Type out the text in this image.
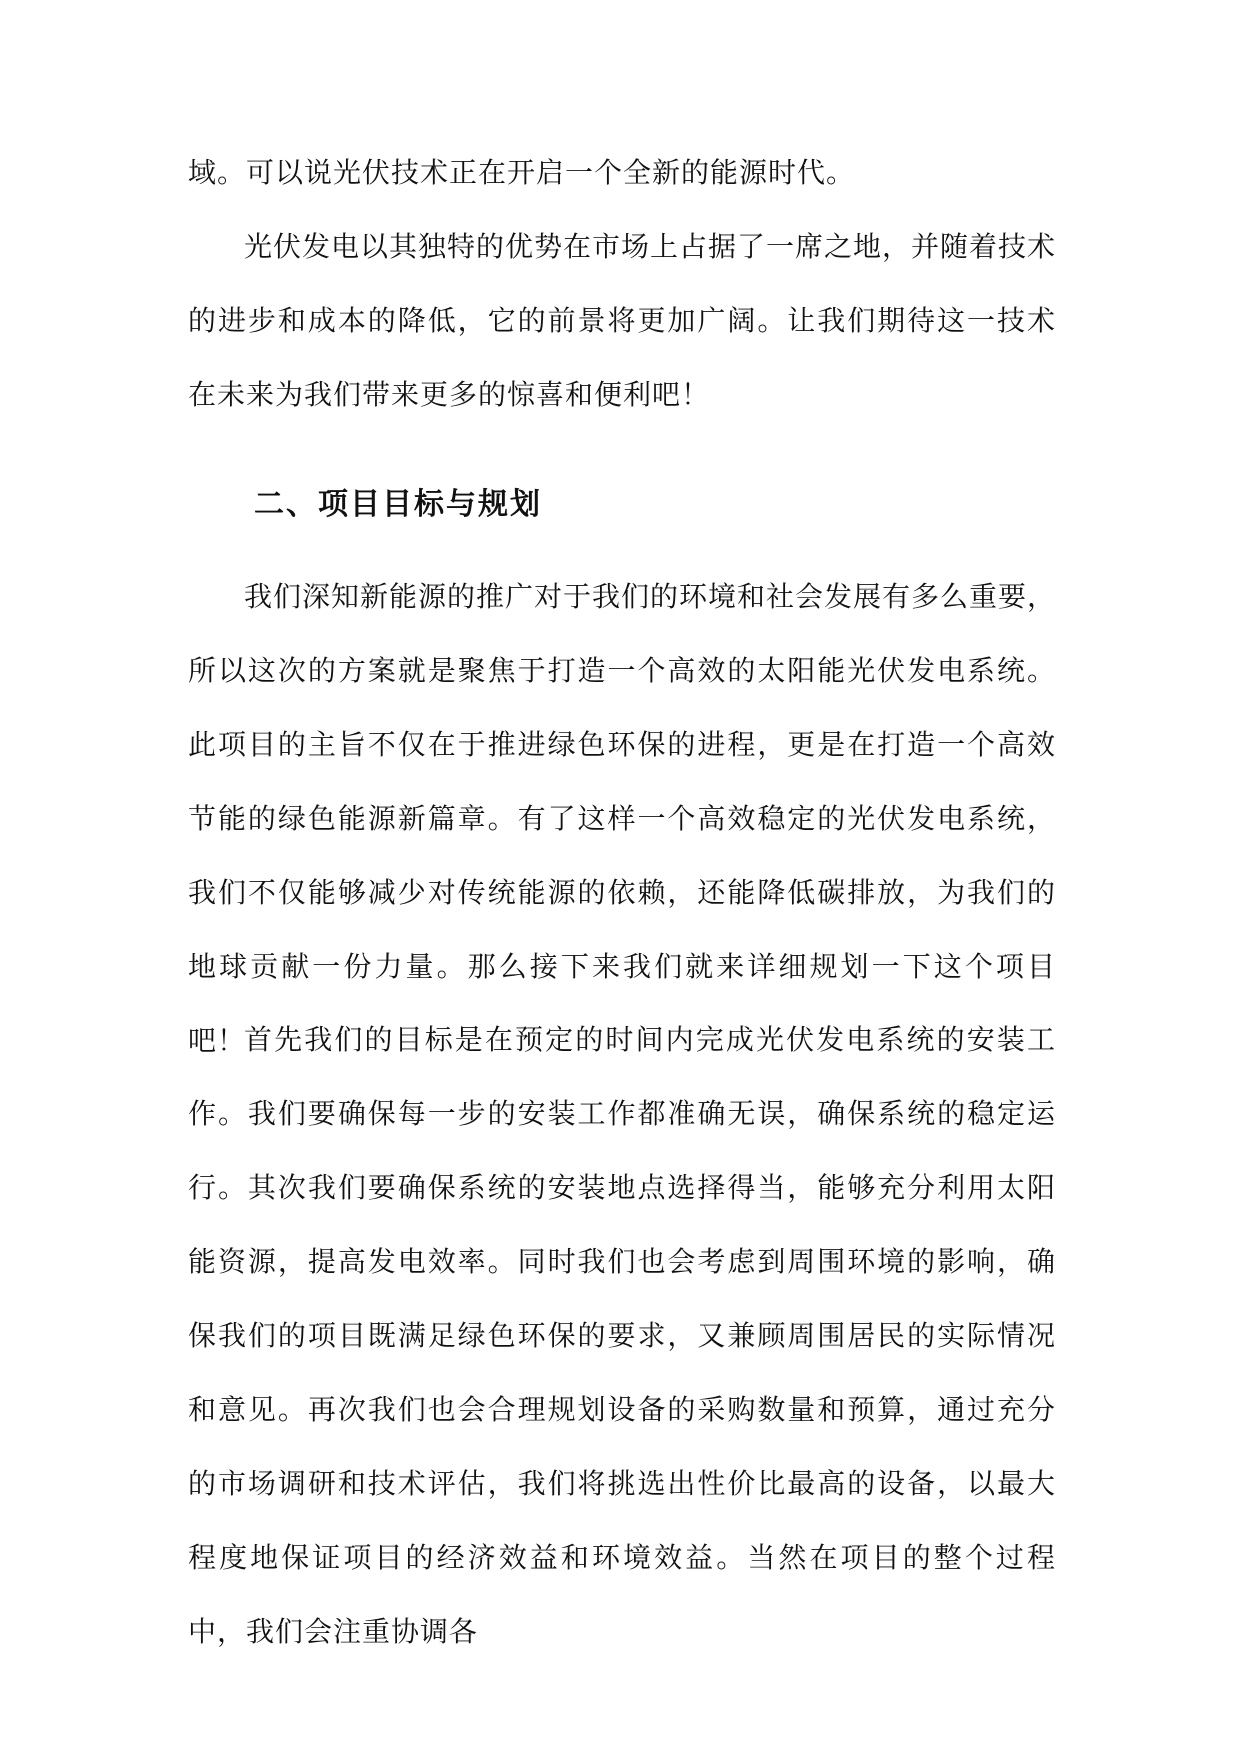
域。可以说光伏技术正在开启一个全新的能源时代。
光伏发电以其独特的优势在市场上占据了一席之地，并随着技术的进步和成本的降低，它的前景将更加广阔。让我们期待这一技术在未来为我们带来更多的惊喜和便利吧！
二、项目目标与规划
我们深知新能源的推广对于我们的环境和社会发展有多么重要，所以这次的方案就是聚焦于打造一个高效的太阳能光伏发电系统。此项目的主旨不仅在于推进绿色环保的进程，更是在打造一个高效节能的绿色能源新篇章。有了这样一个高效稳定的光伏发电系统，我们不仅能够减少对传统能源的依赖，还能降低碳排放，为我们的地球贡献一份力量。那么接下来我们就来详细规划一下这个项目吧！
首先我们的目标是在预定的时间内完成光伏发电系统的安装工作。我们要确保每一步的安装工作都准确无误，确保系统的稳定运行。其次我们要确保系统的安装地点选择得当，能够充分利用太阳能资源，提高发电效率。同时我们也会考虑到周围环境的影响，确保我们的项目既满足绿色环保的要求，又兼顾周围居民的实际情况和意见。再次我们也会合理规划设备的采购数量和预算，通过充分的市场调研和技术评估，我们将挑选出性价比最高的设备，以最大程度地保证项目的经济效益和环境效益。当然在项目的整个过程中，我们会注重协调各
